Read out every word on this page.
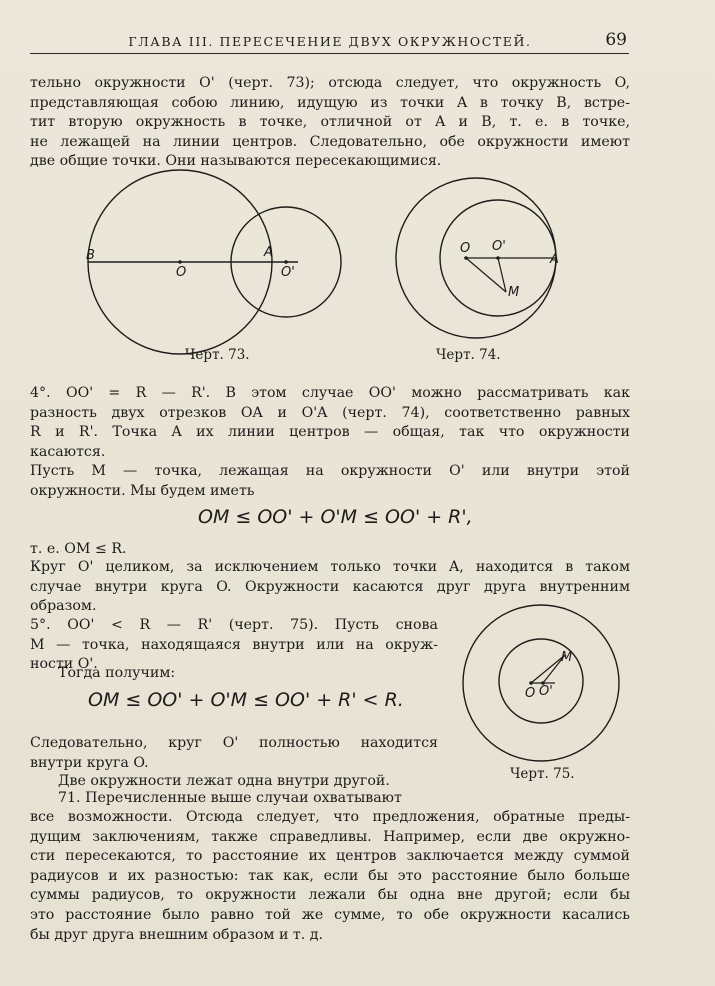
ГЛАВА III. ПЕРЕСЕЧЕНИЕ ДВУХ ОКРУЖНОСТЕЙ.	69
тельно окружности O' (черт. 73); отсюда следует, что окружность O,
представляющая собою линию, идущую из точки A в точку B, встре-
тит вторую окружность в точке, отличной от A и B, т. е. в точке,
не лежащей на линии центров. Следовательно, обе окружности имеют
две общие точки. Они называются пересекающимися.
B
O
A
O'
Черт. 73.
O O'
A
M
Черт. 74.
4°. OO' = R — R'. В этом случае OO' можно рассматривать как
разность двух отрезков OA и O'A (черт. 74), соответственно равных
R и R'. Точка A их линии центров — общая, так что окружности
касаются.
Пусть M — точка, лежащая на окружности O' или внутри этой
окружности. Мы будем иметь
OM ≤ OO' + O'M ≤ OO' + R',
т. е. OM ≤ R.
Круг O' целиком, за исключением только точки A, находится в таком
случае внутри круга O. Окружности касаются друг друга внутренним
образом.
5°. OO' < R — R' (черт. 75). Пусть снова
M — точка, находящаяся внутри или на окруж-
ности O'.
Тогда получим:
OM ≤ OO' + O'M ≤ OO' + R' < R.	O O'
M
Черт. 75.
Следовательно, круг O' полностью находится
внутри круга O.
Две окружности лежат одна внутри другой.
71. Перечисленные выше случаи охватывают
все возможности. Отсюда следует, что предложения, обратные преды-
дущим заключениям, также справедливы. Например, если две окружно-
сти пересекаются, то расстояние их центров заключается между суммой
радиусов и их разностью: так как, если бы это расстояние было больше
суммы радиусов, то окружности лежали бы одна вне другой; если бы
это расстояние было равно той же сумме, то обе окружности касались
бы друг друга внешним образом и т. д.
